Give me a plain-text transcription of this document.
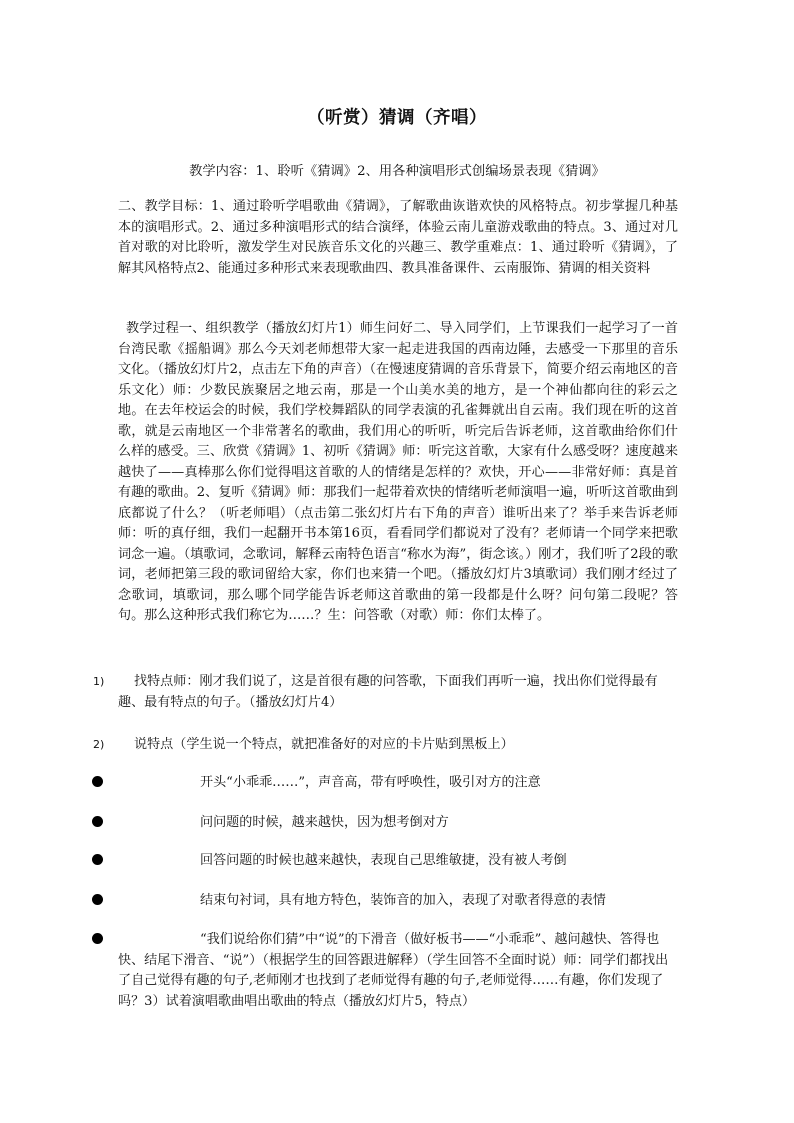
（听赏）猜调（齐唱）
教学内容：1、聆听《猜调》2、用各种演唱形式创编场景表现《猜调》

二、教学目标：1、通过聆听学唱歌曲《猜调》，了解歌曲诙谐欢快的风格特点。初步掌握几种基本的演唱形式。2、通过多种演唱形式的结合演绎，体验云南儿童游戏歌曲的特点。3、通过对几首对歌的对比聆听，激发学生对民族音乐文化的兴趣三、教学重难点：1、通过聆听《猜调》，了解其风格特点2、能通过多种形式来表现歌曲四、教具准备课件、云南服饰、猜调的相关资料

教学过程一、组织教学（播放幻灯片1）师生问好二、导入同学们，上节课我们一起学习了一首台湾民歌《摇船调》那么今天刘老师想带大家一起走进我国的西南边陲，去感受一下那里的音乐文化。（播放幻灯片2，点击左下角的声音）（在慢速度猜调的音乐背景下，简要介绍云南地区的音乐文化）师：少数民族聚居之地云南，那是一个山美水美的地方，是一个神仙都向往的彩云之地。在去年校运会的时候，我们学校舞蹈队的同学表演的孔雀舞就出自云南。我们现在听的这首歌，就是云南地区一个非常著名的歌曲，我们用心的听听，听完后告诉老师，这首歌曲给你们什么样的感受。三、欣赏《猜调》1、初听《猜调》师：听完这首歌，大家有什么感受呀？速度越来越快了——真棒那么你们觉得唱这首歌的人的情绪是怎样的？欢快，开心——非常好师：真是首有趣的歌曲。2、复听《猜调》师：那我们一起带着欢快的情绪听老师演唱一遍，听听这首歌曲到底都说了什么？（听老师唱）（点击第二张幻灯片右下角的声音）谁听出来了？举手来告诉老师师：听的真仔细，我们一起翻开书本第16页，看看同学们都说对了没有？老师请一个同学来把歌词念一遍。（填歌词，念歌词，解释云南特色语言“称水为海”，街念该。）刚才，我们听了2段的歌词，老师把第三段的歌词留给大家，你们也来猜一个吧。（播放幻灯片3填歌词）我们刚才经过了念歌词，填歌词，那么哪个同学能告诉老师这首歌曲的第一段都是什么呀？问句第二段呢？答句。那么这种形式我们称它为……？生：问答歌（对歌）师：你们太棒了。

1)	找特点师：刚才我们说了，这是首很有趣的问答歌，下面我们再听一遍，找出你们觉得最有趣、最有特点的句子。（播放幻灯片4）
2)	说特点（学生说一个特点，就把准备好的对应的卡片贴到黑板上）
开头“小乖乖……”，声音高，带有呼唤性，吸引对方的注意
问问题的时候，越来越快，因为想考倒对方
回答问题的时候也越来越快，表现自己思维敏捷，没有被人考倒
结束句衬词，具有地方特色，装饰音的加入，表现了对歌者得意的表情
“我们说给你们猜”中“说”的下滑音（做好板书——“小乖乖”、越问越快、答得也快、结尾下滑音、“说”）（根据学生的回答跟进解释）（学生回答不全面时说）师：同学们都找出了自己觉得有趣的句子,老师刚才也找到了老师觉得有趣的句子,老师觉得……有趣，你们发现了吗？3）试着演唱歌曲唱出歌曲的特点（播放幻灯片5，特点）
